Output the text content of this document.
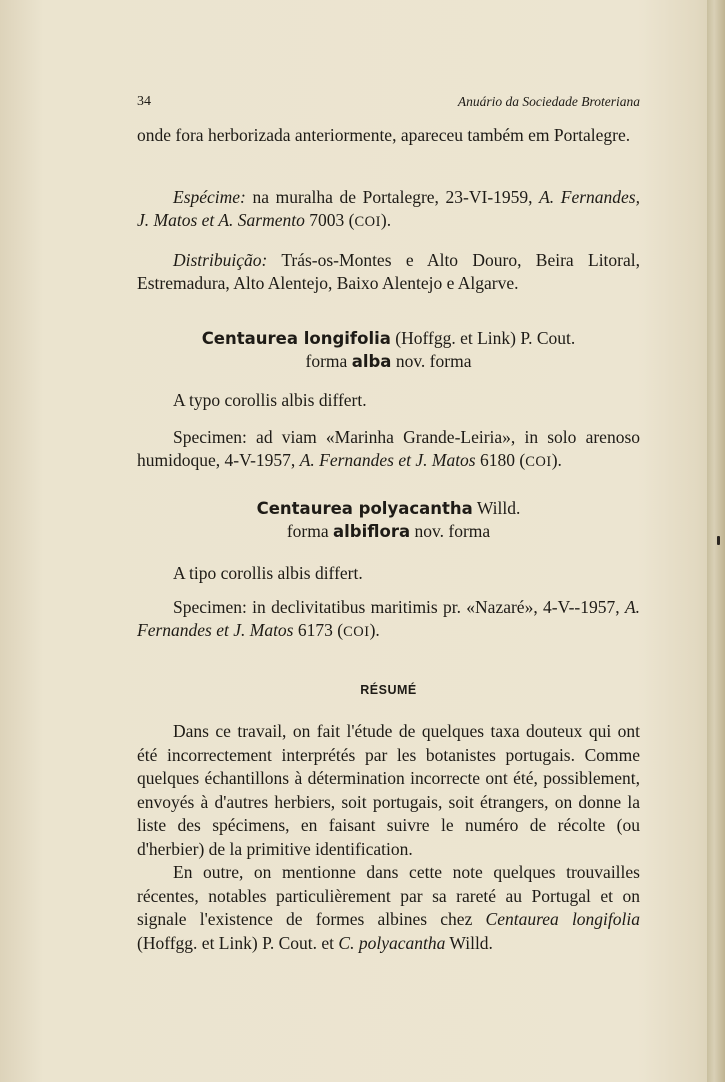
34	Anuário da Sociedade Broteriana

onde fora herborizada anteriormente, apareceu também em Portalegre.

Espécime: na muralha de Portalegre, 23-VI-1959, A. Fernandes, J. Matos et A. Sarmento 7003 (COI).

Distribuição: Trás-os-Montes e Alto Douro, Beira Litoral, Estremadura, Alto Alentejo, Baixo Alentejo e Algarve.

Centaurea longifolia (Hoffgg. et Link) P. Cout.
forma alba nov. forma

A typo corollis albis differt.

Specimen: ad viam «Marinha Grande-Leiria», in solo arenoso humidoque, 4-V-1957, A. Fernandes et J. Matos 6180 (COI).

Centaurea polyacantha Willd.
forma albiflora nov. forma

A tipo corollis albis differt.

Specimen: in declivitatibus maritimis pr. «Nazaré», 4-V--1957, A. Fernandes et J. Matos 6173 (COI).

RÉSUMÉ

Dans ce travail, on fait l'étude de quelques taxa douteux qui ont été incorrectement interprétés par les botanistes portugais. Comme quelques échantillons à détermination incorrecte ont été, possiblement, envoyés à d'autres herbiers, soit portugais, soit étrangers, on donne la liste des spécimens, en faisant suivre le numéro de récolte (ou d'herbier) de la primitive identification.

En outre, on mentionne dans cette note quelques trouvailles récentes, notables particulièrement par sa rareté au Portugal et on signale l'existence de formes albines chez Centaurea longifolia (Hoffgg. et Link) P. Cout. et C. polyacantha Willd.
